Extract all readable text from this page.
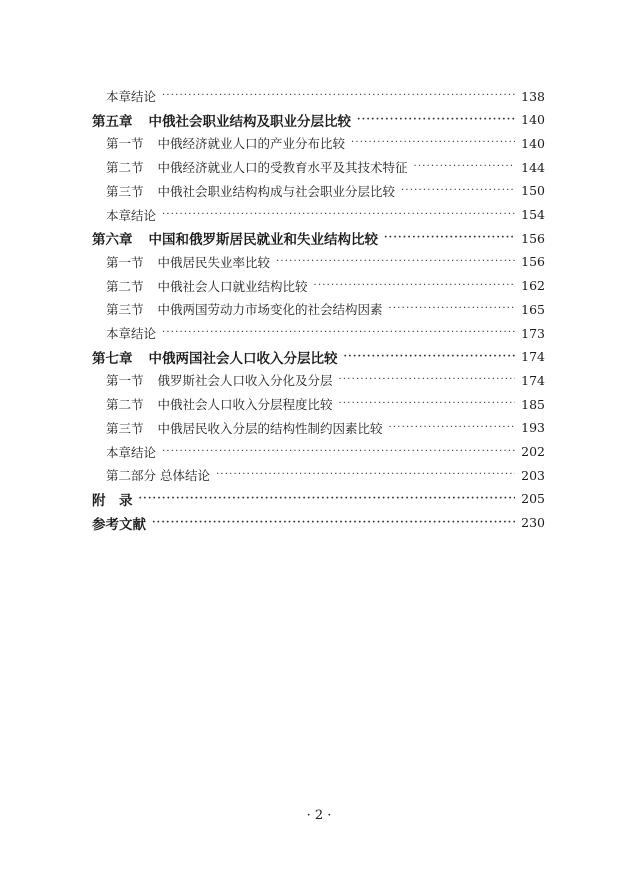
本章结论 ·····	138
第五章 中俄社会职业结构及职业分层比较 ·····	140
第一节 中俄经济就业人口的产业分布比较 ·····	140
第二节 中俄经济就业人口的受教育水平及其技术特征 ·····	144
第三节 中俄社会职业结构构成与社会职业分层比较 ·····	150
本章结论 ·····	154
第六章 中国和俄罗斯居民就业和失业结构比较 ·····	156
第一节 中俄居民失业率比较 ·····	156
第二节 中俄社会人口就业结构比较 ·····	162
第三节 中俄两国劳动力市场变化的社会结构因素 ·····	165
本章结论 ·····	173
第七章 中俄两国社会人口收入分层比较 ·····	174
第一节 俄罗斯社会人口收入分化及分层 ·····	174
第二节 中俄社会人口收入分层程度比较 ·····	185
第三节 中俄居民收入分层的结构性制约因素比较 ·····	193
本章结论 ·····	202
第二部分 总体结论 ·····	203
附　录 ·····	205
参考文献 ·····	230
· 2 ·
